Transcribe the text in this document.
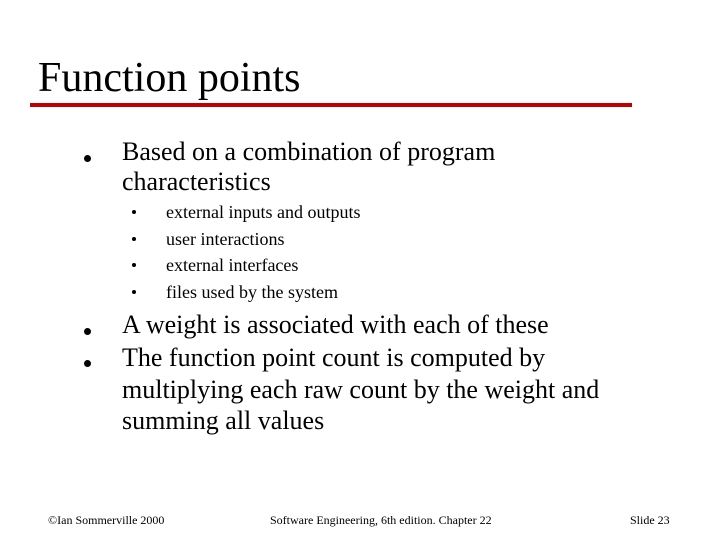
Function points
Based on a combination of program
characteristics
external inputs and outputs
user interactions
external interfaces
files used by the system
A weight is associated with each of these
The function point count is computed by
multiplying each raw count by the weight and
summing all values
©Ian Sommerville 2000	Software Engineering, 6th edition. Chapter 22	Slide 23
